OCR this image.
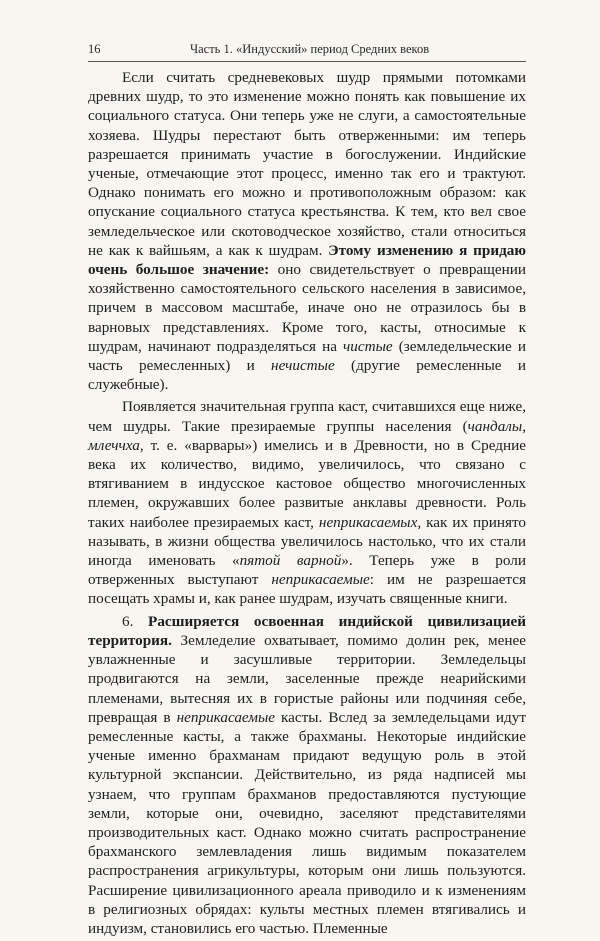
16	Часть 1. «Индусский» период Средних веков

Если считать средневековых шудр прямыми потомками древних шудр, то это изменение можно понять как повышение их социального статуса. Они теперь уже не слуги, а самостоятельные хозяева. Шудры перестают быть отверженными: им теперь разрешается принимать участие в богослужении. Индийские ученые, отмечающие этот процесс, именно так его и трактуют. Однако понимать его можно и противоположным образом: как опускание социального статуса крестьянства. К тем, кто вел свое земледельческое или скотоводческое хозяйство, стали относиться не как к вайшьям, а как к шудрам. Этому изменению я придаю очень большое значение: оно свидетельствует о превращении хозяйственно самостоятельного сельского населения в зависимое, причем в массовом масштабе, иначе оно не отразилось бы в варновых представлениях. Кроме того, касты, относимые к шудрам, начинают подразделяться на чистые (земледельческие и часть ремесленных) и нечистые (другие ремесленные и служебные).

Появляется значительная группа каст, считавшихся еще ниже, чем шудры. Такие презираемые группы населения (чандалы, млеччха, т. е. «варвары») имелись и в Древности, но в Средние века их количество, видимо, увеличилось, что связано с втягиванием в индусское кастовое общество многочисленных племен, окружавших более развитые анклавы древности. Роль таких наиболее презираемых каст, неприкасаемых, как их принято называть, в жизни общества увеличилось настолько, что их стали иногда именовать «пятой варной». Теперь уже в роли отверженных выступают неприкасаемые: им не разрешается посещать храмы и, как ранее шудрам, изучать священные книги.

6. Расширяется освоенная индийской цивилизацией территория. Земледелие охватывает, помимо долин рек, менее увлажненные и засушливые территории. Земледельцы продвигаются на земли, заселенные прежде неарийскими племенами, вытесняя их в гористые районы или подчиняя себе, превращая в неприкасаемые касты. Вслед за земледельцами идут ремесленные касты, а также брахманы. Некоторые индийские ученые именно брахманам придают ведущую роль в этой культурной экспансии. Действительно, из ряда надписей мы узнаем, что группам брахманов предоставляются пустующие земли, которые они, очевидно, заселяют представителями производительных каст. Однако можно считать распространение брахманского землевладения лишь видимым показателем распространения агрикультуры, которым они лишь пользуются. Расширение цивилизационного ареала приводило и к изменениям в религиозных обрядах: культы местных племен втягивались и индуизм, становились его частью. Племенные
